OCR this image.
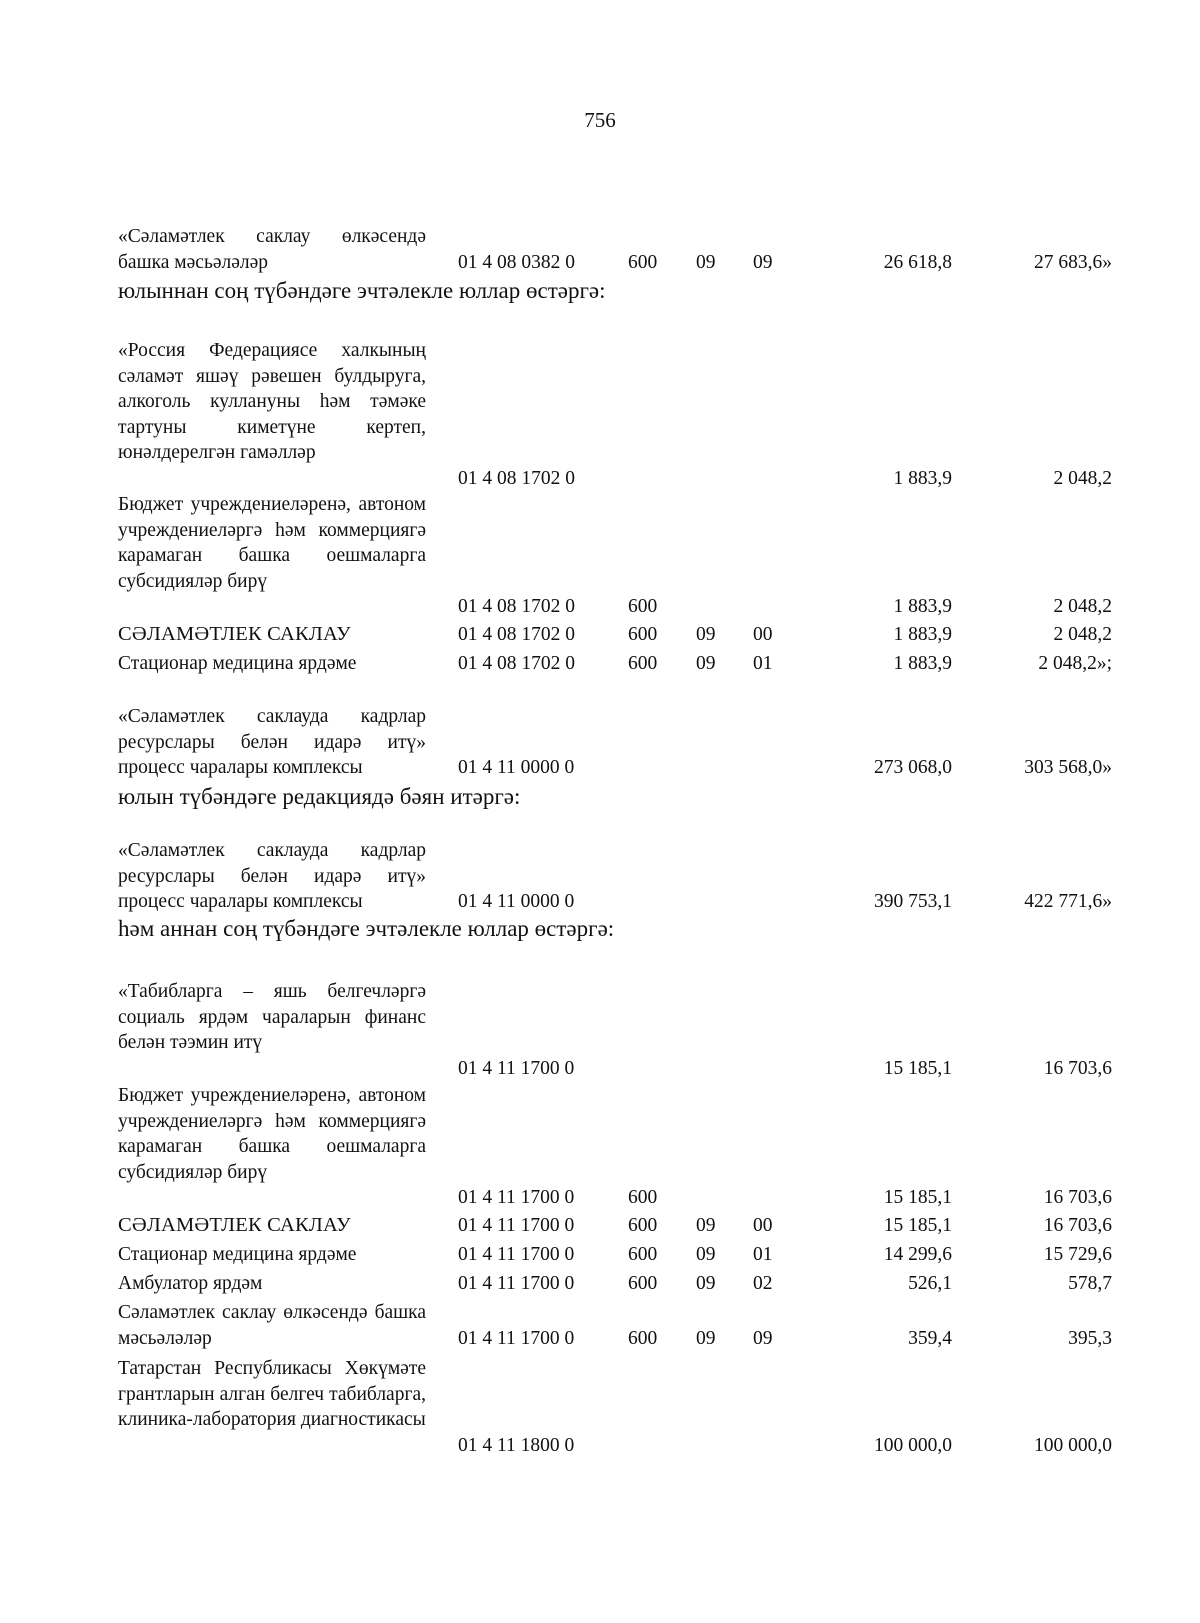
756
«Сәламәтлек саклау өлкәсендә башка мәсьәләләр	01 4 08 0382 0	600 09 09	26 618,8	27 683,6»
юлыннан соң түбәндәге эчтәлекле юллар өстәргә:
«Россия Федерациясе халкының сәламәт яшәү рәвешен булдыруга, алкоголь куллануны һәм тәмәке тартуны киметүне кертеп, юнәлдерелгән гамәлләр
01 4 08 1702 0	1 883,9	2 048,2
Бюджет учреждениеләренә, автоном учреждениеләргә һәм коммерциягә карамаган башка оешмаларга субсидияләр бирү
01 4 08 1702 0	600	1 883,9	2 048,2
СӘЛАМӘТЛЕК САКЛАУ	01 4 08 1702 0	600 09 00	1 883,9	2 048,2
Стационар медицина ярдәме	01 4 08 1702 0	600 09 01	1 883,9	2 048,2»;
«Сәламәтлек саклауда кадрлар ресурслары белән идарә итү» процесс чаралары комплексы	01 4 11 0000 0	273 068,0	303 568,0»
юлын түбәндәге редакциядә бәян итәргә:
«Сәламәтлек саклауда кадрлар ресурслары белән идарә итү» процесс чаралары комплексы	01 4 11 0000 0	390 753,1	422 771,6»
һәм аннан соң түбәндәге эчтәлекле юллар өстәргә:
«Табибларга – яшь белгечләргә социаль ярдәм чараларын финанс белән тәэмин итү
01 4 11 1700 0	15 185,1	16 703,6
Бюджет учреждениеләренә, автоном учреждениеләргә һәм коммерциягә карамаган башка оешмаларга субсидияләр бирү
01 4 11 1700 0	600	15 185,1	16 703,6
СӘЛАМӘТЛЕК САКЛАУ	01 4 11 1700 0	600 09 00	15 185,1	16 703,6
Стационар медицина ярдәме	01 4 11 1700 0	600 09 01	14 299,6	15 729,6
Амбулатор ярдәм	01 4 11 1700 0	600 09 02	526,1	578,7
Сәламәтлек саклау өлкәсендә башка мәсьәләләр	01 4 11 1700 0	600 09 09	359,4	395,3
Татарстан Республикасы Хөкүмәте грантларын алган белгеч табибларга, клиника-лаборатория диагностикасы
01 4 11 1800 0	100 000,0	100 000,0
